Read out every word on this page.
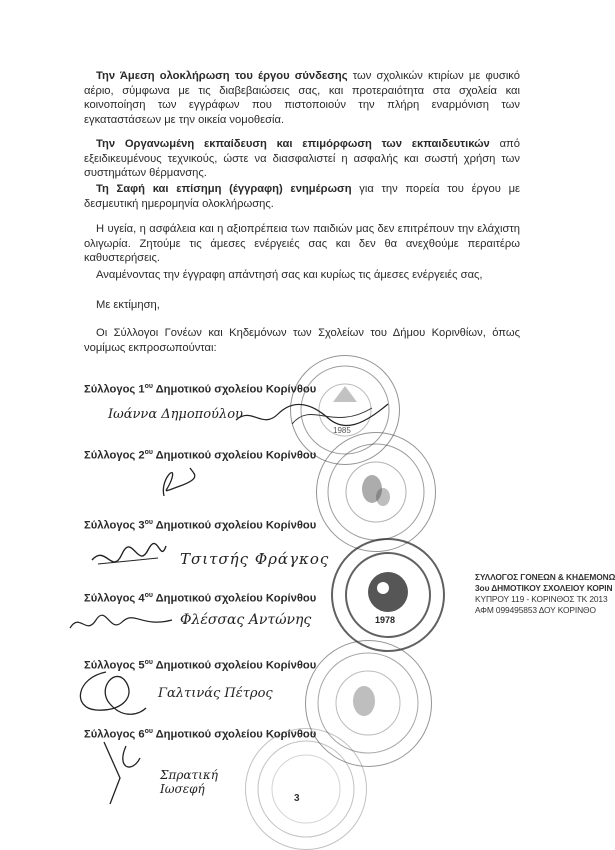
Την Άμεση ολοκλήρωση του έργου σύνδεσης των σχολικών κτιρίων με φυσικό αέριο, σύμφωνα με τις διαβεβαιώσεις σας, και προτεραιότητα στα σχολεία και κοινοποίηση των εγγράφων που πιστοποιούν την πλήρη εναρμόνιση των εγκαταστάσεων με την οικεία νομοθεσία.
Την Οργανωμένη εκπαίδευση και επιμόρφωση των εκπαιδευτικών από εξειδικευμένους τεχνικούς, ώστε να διασφαλιστεί η ασφαλής και σωστή χρήση των συστημάτων θέρμανσης.
Τη Σαφή και επίσημη (έγγραφη) ενημέρωση για την πορεία του έργου με δεσμευτική ημερομηνία ολοκλήρωσης.
Η υγεία, η ασφάλεια και η αξιοπρέπεια των παιδιών μας δεν επιτρέπουν την ελάχιστη ολιγωρία. Ζητούμε τις άμεσες ενέργειές σας και δεν θα ανεχθούμε περαιτέρω καθυστερήσεις.
Αναμένοντας την έγγραφη απάντησή σας και κυρίως τις άμεσες ενέργειές σας,
Με εκτίμηση,
Οι Σύλλογοι Γονέων και Κηδεμόνων των Σχολείων του Δήμου Κορινθίων, όπως νομίμως εκπροσωπούνται:
1985
1978
Σύλλογος $1^{o\upsilon}$ Δημοτικού σχολείου Κορίνθου
Σύλλογος $2^{o\upsilon}$ Δημοτικού σχολείου Κορίνθου
Σύλλογος $3^{o\upsilon}$ Δημοτικού σχολείου Κορίνθου
Σύλλογος $4^{o\upsilon}$ Δημοτικού σχολείου Κορίνθου
Σύλλογος $5^{o\upsilon}$ Δημοτικού σχολείου Κορίνθου
Σύλλογος $6^{o\upsilon}$ Δημοτικού σχολείου Κορίνθου
Ιωάννα Δημοπούλου
Τσιτσής Φράγκος
Φλέσσας Αντώνης
Γαλτινάς Πέτρος
Σπρατική Ιωσεφή
ΣΥΛΛΟΓΟΣ ΓΟΝΕΩΝ & ΚΗΔΕΜΟΝΩ
3ου ΔΗΜΟΤΙΚΟΥ ΣΧΟΛΕΙΟΥ ΚΟΡΙΝ
ΚΥΠΡΟΥ 119 - ΚΟΡΙΝΘΟΣ ΤΚ 2013
ΑΦΜ 099495853 ΔΟΥ ΚΟΡΙΝΘΟ
3
